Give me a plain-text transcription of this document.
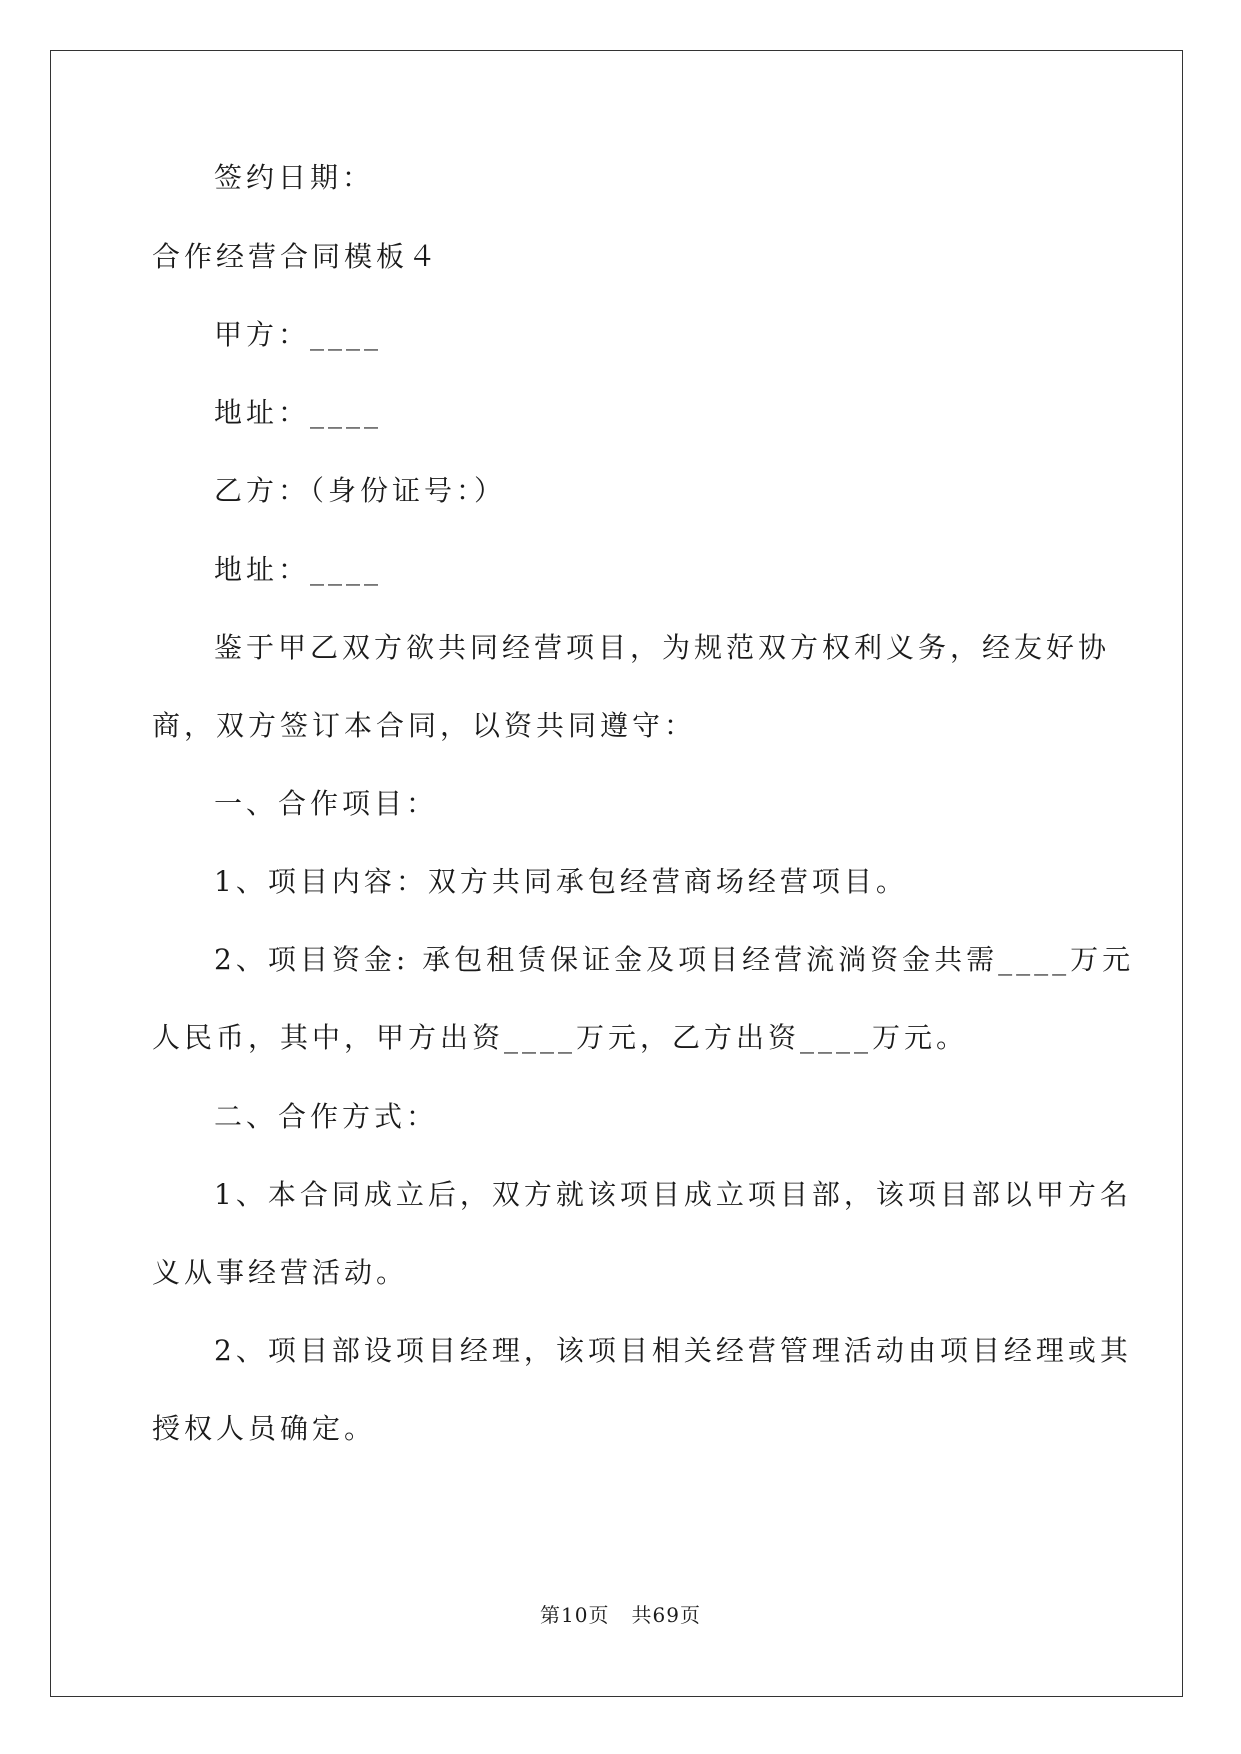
签约日期：
合作经营合同模板４
甲方：____
地址：____
乙方：（身份证号：）
地址：____
鉴于甲乙双方欲共同经营项目，为规范双方权利义务，经友好协
商，双方签订本合同，以资共同遵守：
一、合作项目：
1、项目内容：双方共同承包经营商场经营项目。
2、项目资金: 承包租赁保证金及项目经营流淌资金共需____万元
人民币，其中，甲方出资____万元，乙方出资____万元。
二、合作方式：
1、本合同成立后，双方就该项目成立项目部，该项目部以甲方名
义从事经营活动。
2、项目部设项目经理，该项目相关经营管理活动由项目经理或其
授权人员确定。
第10页 共69页
